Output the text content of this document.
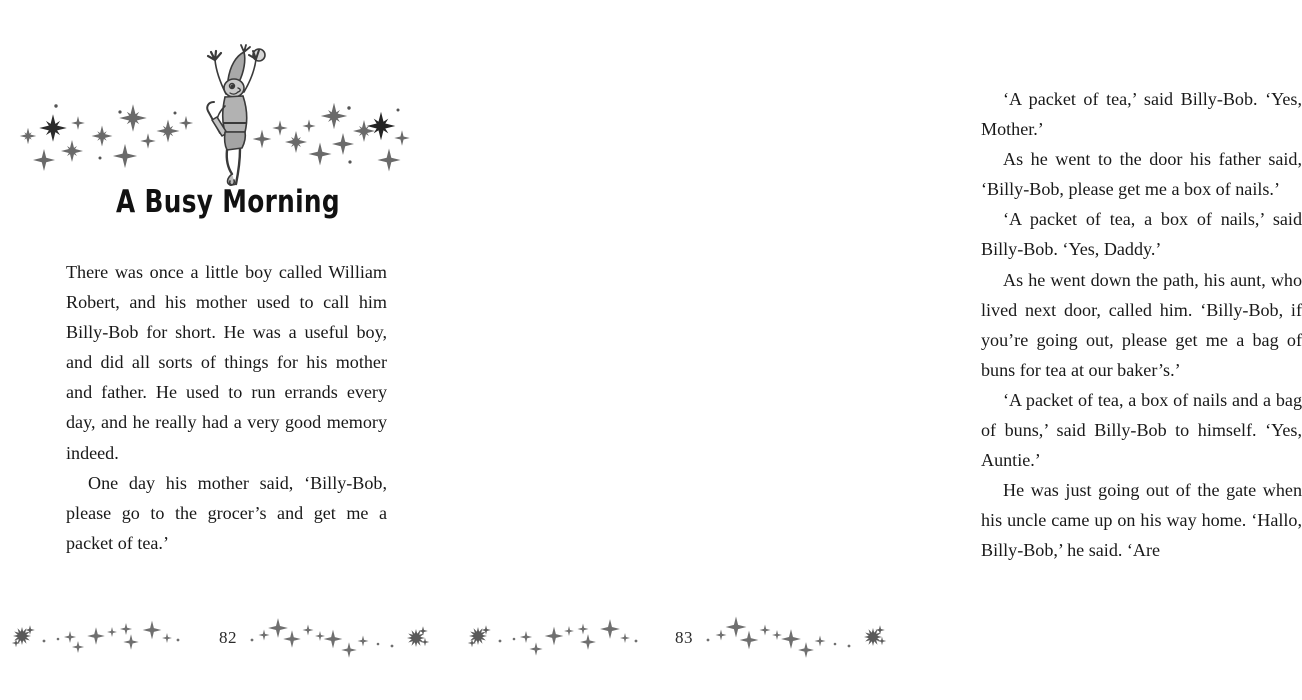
A Busy Morning

There was once a little boy called William Robert, and his mother used to call him Billy-Bob for short. He was a useful boy, and did all sorts of things for his mother and father. He used to run errands every day, and he really had a very good memory indeed.

One day his mother said, ‘Billy-Bob, please go to the grocer’s and get me a packet of tea.’

82

‘A packet of tea,’ said Billy-Bob. ‘Yes, Mother.’

As he went to the door his father said, ‘Billy-Bob, please get me a box of nails.’

‘A packet of tea, a box of nails,’ said Billy-Bob. ‘Yes, Daddy.’

As he went down the path, his aunt, who lived next door, called him. ‘Billy-Bob, if you’re going out, please get me a bag of buns for tea at our baker’s.’

‘A packet of tea, a box of nails and a bag of buns,’ said Billy-Bob to himself. ‘Yes, Auntie.’

He was just going out of the gate when his uncle came up on his way home. ‘Hallo, Billy-Bob,’ he said. ‘Are

83
